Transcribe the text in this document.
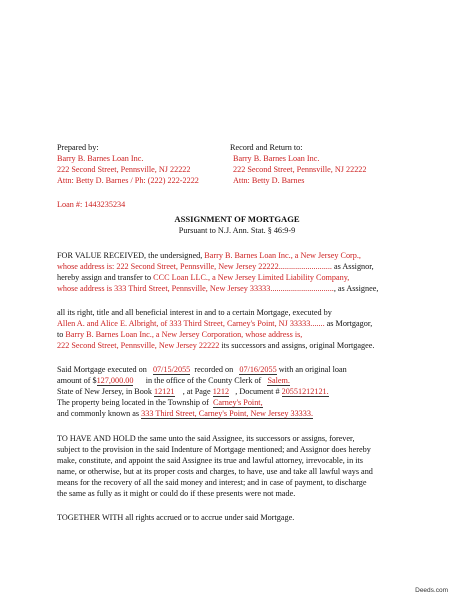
Prepared by:
Barry B. Barnes Loan Inc.
222 Second Street, Pennsville, NJ 22222
Attn: Betty D. Barnes / Ph: (222) 222-2222
Record and Return to:
Barry B. Barnes Loan Inc.
222 Second Street, Pennsville, NJ 22222
Attn: Betty D. Barnes
Loan #: 1443235234
ASSIGNMENT OF MORTGAGE
Pursuant to N.J. Ann. Stat. § 46:9-9
FOR VALUE RECEIVED, the undersigned, Barry B. Barnes Loan Inc., a New Jersey Corp.,
whose address is: 222 Second Street, Pennsville, New Jersey 22222.......................... as Assignor,
hereby assign and transfer to CCC Loan LLC., a New Jersey Limited Liability Company,
whose address is 333 Third Street, Pennsville, New Jersey 33333..............................., as Assignee,
all its right, title and all beneficial interest in and to a certain Mortgage, executed by
Allen A. and Alice E. Albright, of 333 Third Street, Carney's Point, NJ 33333....... as Mortgagor,
to Barry B. Barnes Loan Inc., a New Jersey Corporation, whose address is,
222 Second Street, Pennsville, New Jersey 22222 its successors and assigns, original Mortgagee.
Said Mortgage executed on 07/15/2055 recorded on 07/16/2055 with an original loan
amount of $127,000.00 in the office of the County Clerk of Salem.
State of New Jersey, in Book 12121 , at Page 1212 , Document # 20551212121.
The property being located in the Township of Carney's Point,
and commonly known as 333 Third Street, Carney's Point, New Jersey 33333.
TO HAVE AND HOLD the same unto the said Assignee, its successors or assigns, forever,
subject to the provision in the said Indenture of Mortgage mentioned; and Assignor does hereby
make, constitute, and appoint the said Assignee its true and lawful attorney, irrevocable, in its
name, or otherwise, but at its proper costs and charges, to have, use and take all lawful ways and
means for the recovery of all the said money and interest; and in case of payment, to discharge
the same as fully as it might or could do if these presents were not made.
TOGETHER WITH all rights accrued or to accrue under said Mortgage.
Deeds.com
